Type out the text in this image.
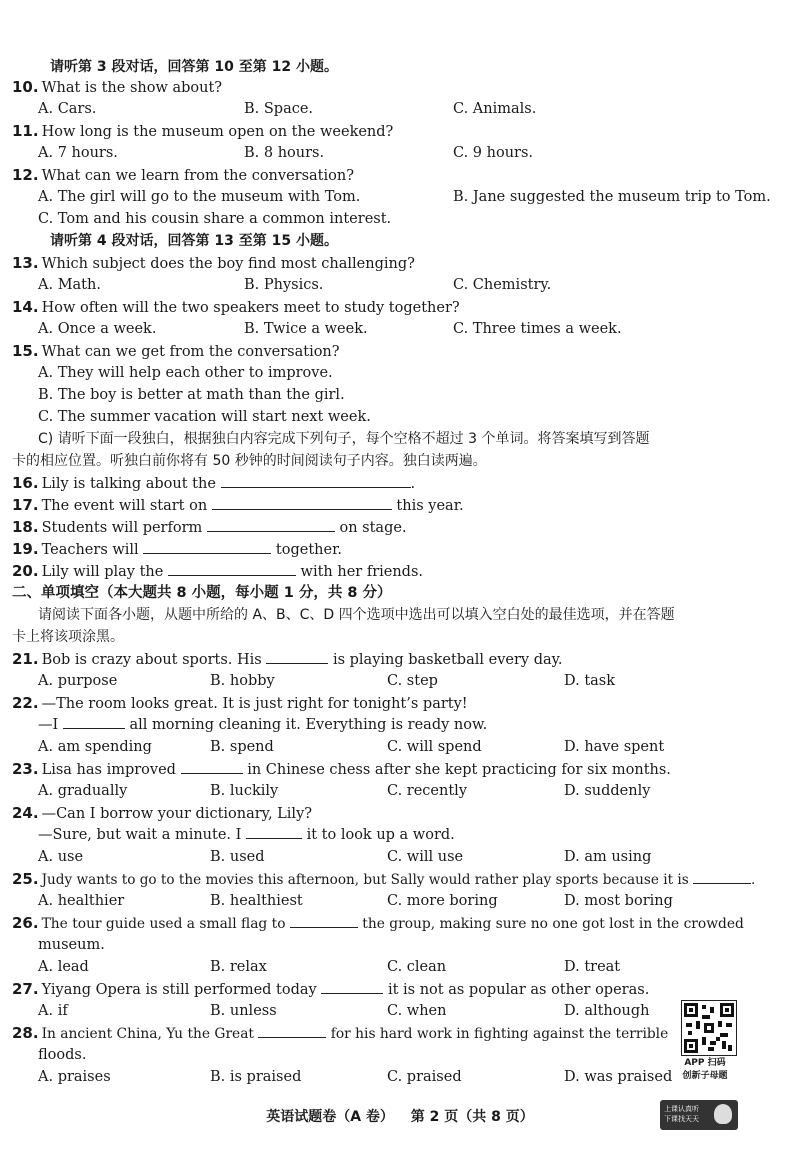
请听第 3 段对话，回答第 10 至第 12 小题。
10. What is the show about?
A. Cars.	B. Space.	C. Animals.
11. How long is the museum open on the weekend?
A. 7 hours.	B. 8 hours.	C. 9 hours.
12. What can we learn from the conversation?
A. The girl will go to the museum with Tom.	B. Jane suggested the museum trip to Tom.
C. Tom and his cousin share a common interest.
请听第 4 段对话，回答第 13 至第 15 小题。
13. Which subject does the boy find most challenging?
A. Math.	B. Physics.	C. Chemistry.
14. How often will the two speakers meet to study together?
A. Once a week.	B. Twice a week.	C. Three times a week.
15. What can we get from the conversation?
A. They will help each other to improve.
B. The boy is better at math than the girl.
C. The summer vacation will start next week.
C) 请听下面一段独白，根据独白内容完成下列句子，每个空格不超过 3 个单词。将答案填写到答题
卡的相应位置。听独白前你将有 50 秒钟的时间阅读句子内容。独白读两遍。
16. Lily is talking about the	.
17. The event will start on	this year.
18. Students will perform	on stage.
19. Teachers will	together.
20. Lily will play the	with her friends.
二、单项填空（本大题共 8 小题，每小题 1 分，共 8 分）
请阅读下面各小题，从题中所给的 A、B、C、D 四个选项中选出可以填入空白处的最佳选项，并在答题
卡上将该项涂黑。
21. Bob is crazy about sports. His	is playing basketball every day.
A. purpose	B. hobby	C. step	D. task
22. —The room looks great. It is just right for tonight’s party!
—I	all morning cleaning it. Everything is ready now.
A. am spending	B. spend	C. will spend	D. have spent
23. Lisa has improved	in Chinese chess after she kept practicing for six months.
A. gradually	B. luckily	C. recently	D. suddenly
24. —Can I borrow your dictionary, Lily?
—Sure, but wait a minute. I	it to look up a word.
A. use	B. used	C. will use	D. am using
25. Judy wants to go to the movies this afternoon, but Sally would rather play sports because it is	.
A. healthier	B. healthiest	C. more boring	D. most boring
26. The tour guide used a small flag to	the group, making sure no one got lost in the crowded
museum.
A. lead	B. relax	C. clean	D. treat
27. Yiyang Opera is still performed today	it is not as popular as other operas.
A. if	B. unless	C. when	D. although
28. In ancient China, Yu the Great	for his hard work in fighting against the terrible
floods.
A. praises	B. is praised	C. praised	D. was praised
APP 扫码
创新子母题
英语试题卷（A 卷） 第 2 页（共 8 页）	上课认真听
下课找天天
